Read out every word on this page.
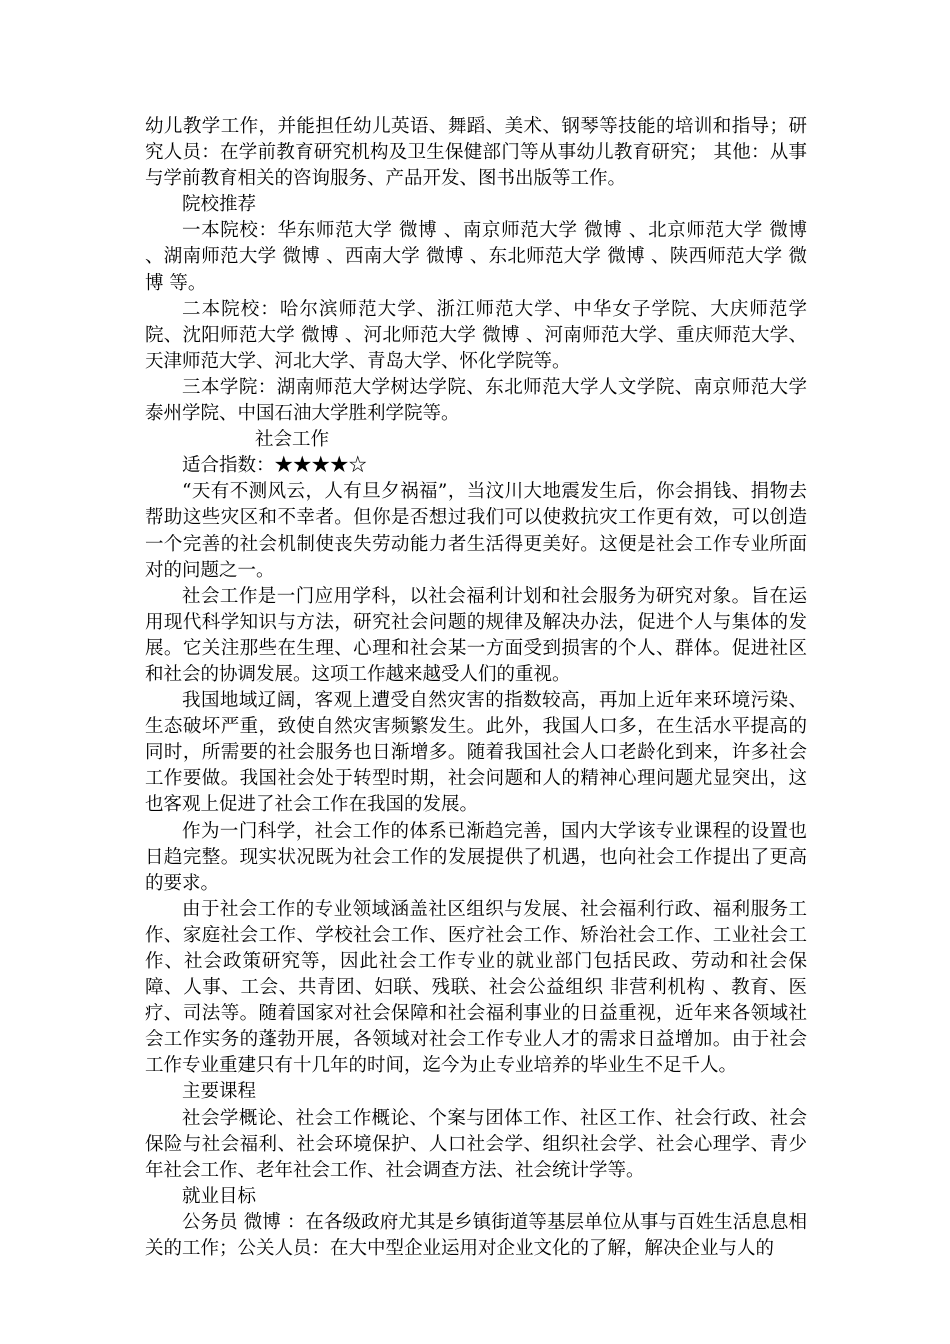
幼儿教学工作，并能担任幼儿英语、舞蹈、美术、钢琴等技能的培训和指导；研究人员：在学前教育研究机构及卫生保健部门等从事幼儿教育研究； 其他：从事与学前教育相关的咨询服务、产品开发、图书出版等工作。

院校推荐

一本院校：华东师范大学 微博 、南京师范大学 微博 、北京师范大学 微博 、湖南师范大学 微博 、西南大学 微博 、东北师范大学 微博 、陕西师范大学 微博 等。

二本院校：哈尔滨师范大学、浙江师范大学、中华女子学院、大庆师范学院、沈阳师范大学 微博 、河北师范大学 微博 、河南师范大学、重庆师范大学、天津师范大学、河北大学、青岛大学、怀化学院等。

三本学院：湖南师范大学树达学院、东北师范大学人文学院、南京师范大学泰州学院、中国石油大学胜利学院等。

社会工作

适合指数：★★★★☆

“天有不测风云，人有旦夕祸福”，当汶川大地震发生后，你会捐钱、捐物去帮助这些灾区和不幸者。但你是否想过我们可以使救抗灾工作更有效，可以创造一个完善的社会机制使丧失劳动能力者生活得更美好。这便是社会工作专业所面对的问题之一。

社会工作是一门应用学科，以社会福利计划和社会服务为研究对象。旨在运用现代科学知识与方法，研究社会问题的规律及解决办法，促进个人与集体的发展。它关注那些在生理、心理和社会某一方面受到损害的个人、群体。促进社区和社会的协调发展。这项工作越来越受人们的重视。

我国地域辽阔，客观上遭受自然灾害的指数较高，再加上近年来环境污染、生态破坏严重，致使自然灾害频繁发生。此外，我国人口多，在生活水平提高的同时，所需要的社会服务也日渐增多。随着我国社会人口老龄化到来，许多社会工作要做。我国社会处于转型时期，社会问题和人的精神心理问题尤显突出，这也客观上促进了社会工作在我国的发展。

作为一门科学，社会工作的体系已渐趋完善，国内大学该专业课程的设置也日趋完整。现实状况既为社会工作的发展提供了机遇，也向社会工作提出了更高的要求。

由于社会工作的专业领域涵盖社区组织与发展、社会福利行政、福利服务工作、家庭社会工作、学校社会工作、医疗社会工作、矫治社会工作、工业社会工作、社会政策研究等，因此社会工作专业的就业部门包括民政、劳动和社会保障、人事、工会、共青团、妇联、残联、社会公益组织 非营利机构 、教育、医疗、司法等。随着国家对社会保障和社会福利事业的日益重视，近年来各领域社会工作实务的蓬勃开展，各领域对社会工作专业人才的需求日益增加。由于社会工作专业重建只有十几年的时间，迄今为止专业培养的毕业生不足千人。

主要课程

社会学概论、社会工作概论、个案与团体工作、社区工作、社会行政、社会保险与社会福利、社会环境保护、人口社会学、组织社会学、社会心理学、青少年社会工作、老年社会工作、社会调查方法、社会统计学等。

就业目标

公务员 微博 ：在各级政府尤其是乡镇街道等基层单位从事与百姓生活息息相关的工作；公关人员：在大中型企业运用对企业文化的了解，解决企业与人的
